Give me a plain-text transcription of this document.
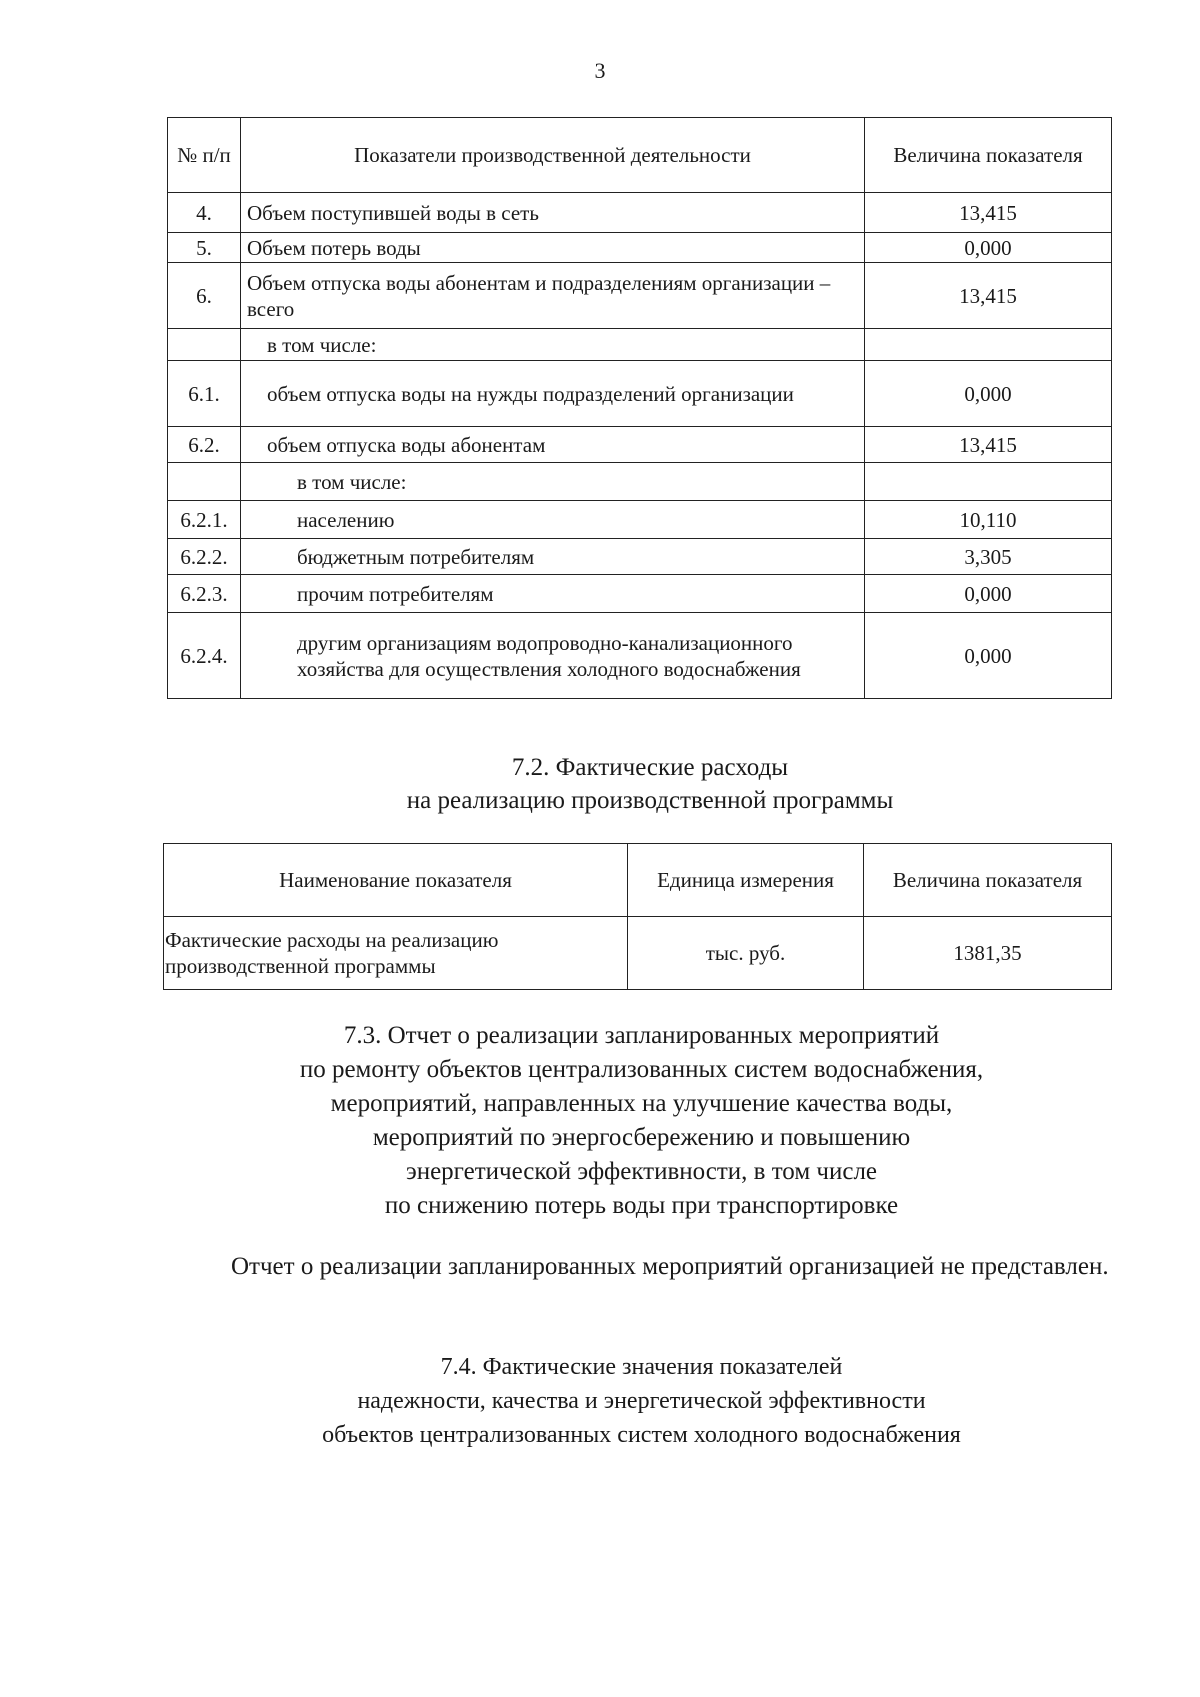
3
№ п/п	Показатели производственной деятельности	Величина показателя
4.	Объем поступившей воды в сеть	13,415
5.	Объем потерь воды	0,000
6.	Объем отпуска воды абонентам и подразделениям организации – всего	13,415
	в том числе:	
6.1.	объем отпуска воды на нужды подразделений организации	0,000
6.2.	объем отпуска воды абонентам	13,415
	в том числе:	
6.2.1.	населению	10,110
6.2.2.	бюджетным потребителям	3,305
6.2.3.	прочим потребителям	0,000
6.2.4.	другим организациям водопроводно-канализационного хозяйства для осуществления холодного водоснабжения	0,000
7.2. Фактические расходы
на реализацию производственной программы
Наименование показателя	Единица измерения	Величина показателя
Фактические расходы на реализацию производственной программы	тыс. руб.	1381,35
7.3. Отчет о реализации запланированных мероприятий
по ремонту объектов централизованных систем водоснабжения,
мероприятий, направленных на улучшение качества воды,
мероприятий по энергосбережению и повышению
энергетической эффективности, в том числе
по снижению потерь воды при транспортировке
Отчет о реализации запланированных мероприятий организацией не представлен.
7.4. Фактические значения показателей
надежности, качества и энергетической эффективности
объектов централизованных систем холодного водоснабжения
